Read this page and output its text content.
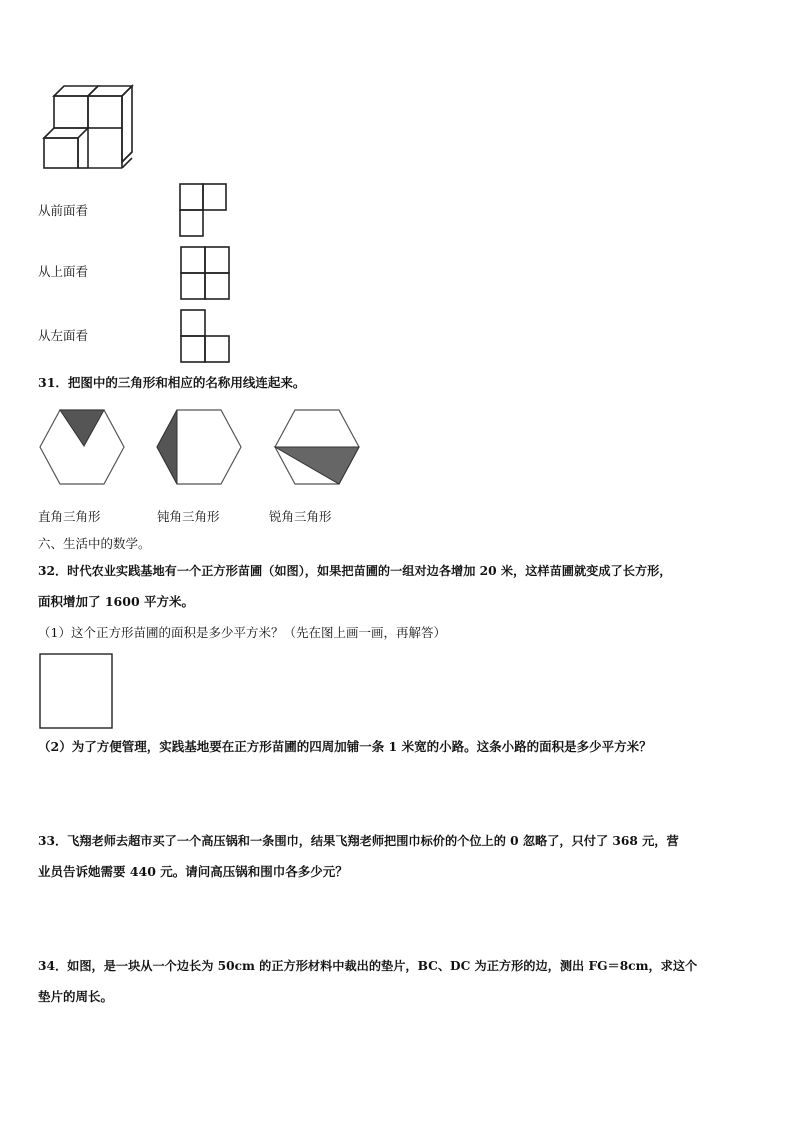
从前面看
从上面看
从左面看
31．把图中的三角形和相应的名称用线连起来。
直角三角形	钝角三角形	锐角三角形
六、生活中的数学。
32．时代农业实践基地有一个正方形苗圃（如图），如果把苗圃的一组对边各增加 20 米，这样苗圃就变成了长方形，
面积增加了 1600 平方米。
（1）这个正方形苗圃的面积是多少平方米？（先在图上画一画，再解答）
（2）为了方便管理，实践基地要在正方形苗圃的四周加铺一条 1 米宽的小路。这条小路的面积是多少平方米？
33．飞翔老师去超市买了一个高压锅和一条围巾，结果飞翔老师把围巾标价的个位上的 0 忽略了，只付了 368 元，营
业员告诉她需要 440 元。请问高压锅和围巾各多少元？
34．如图，是一块从一个边长为 50cm 的正方形材料中裁出的垫片，BC、DC 为正方形的边，测出 FG＝8cm，求这个
垫片的周长。
